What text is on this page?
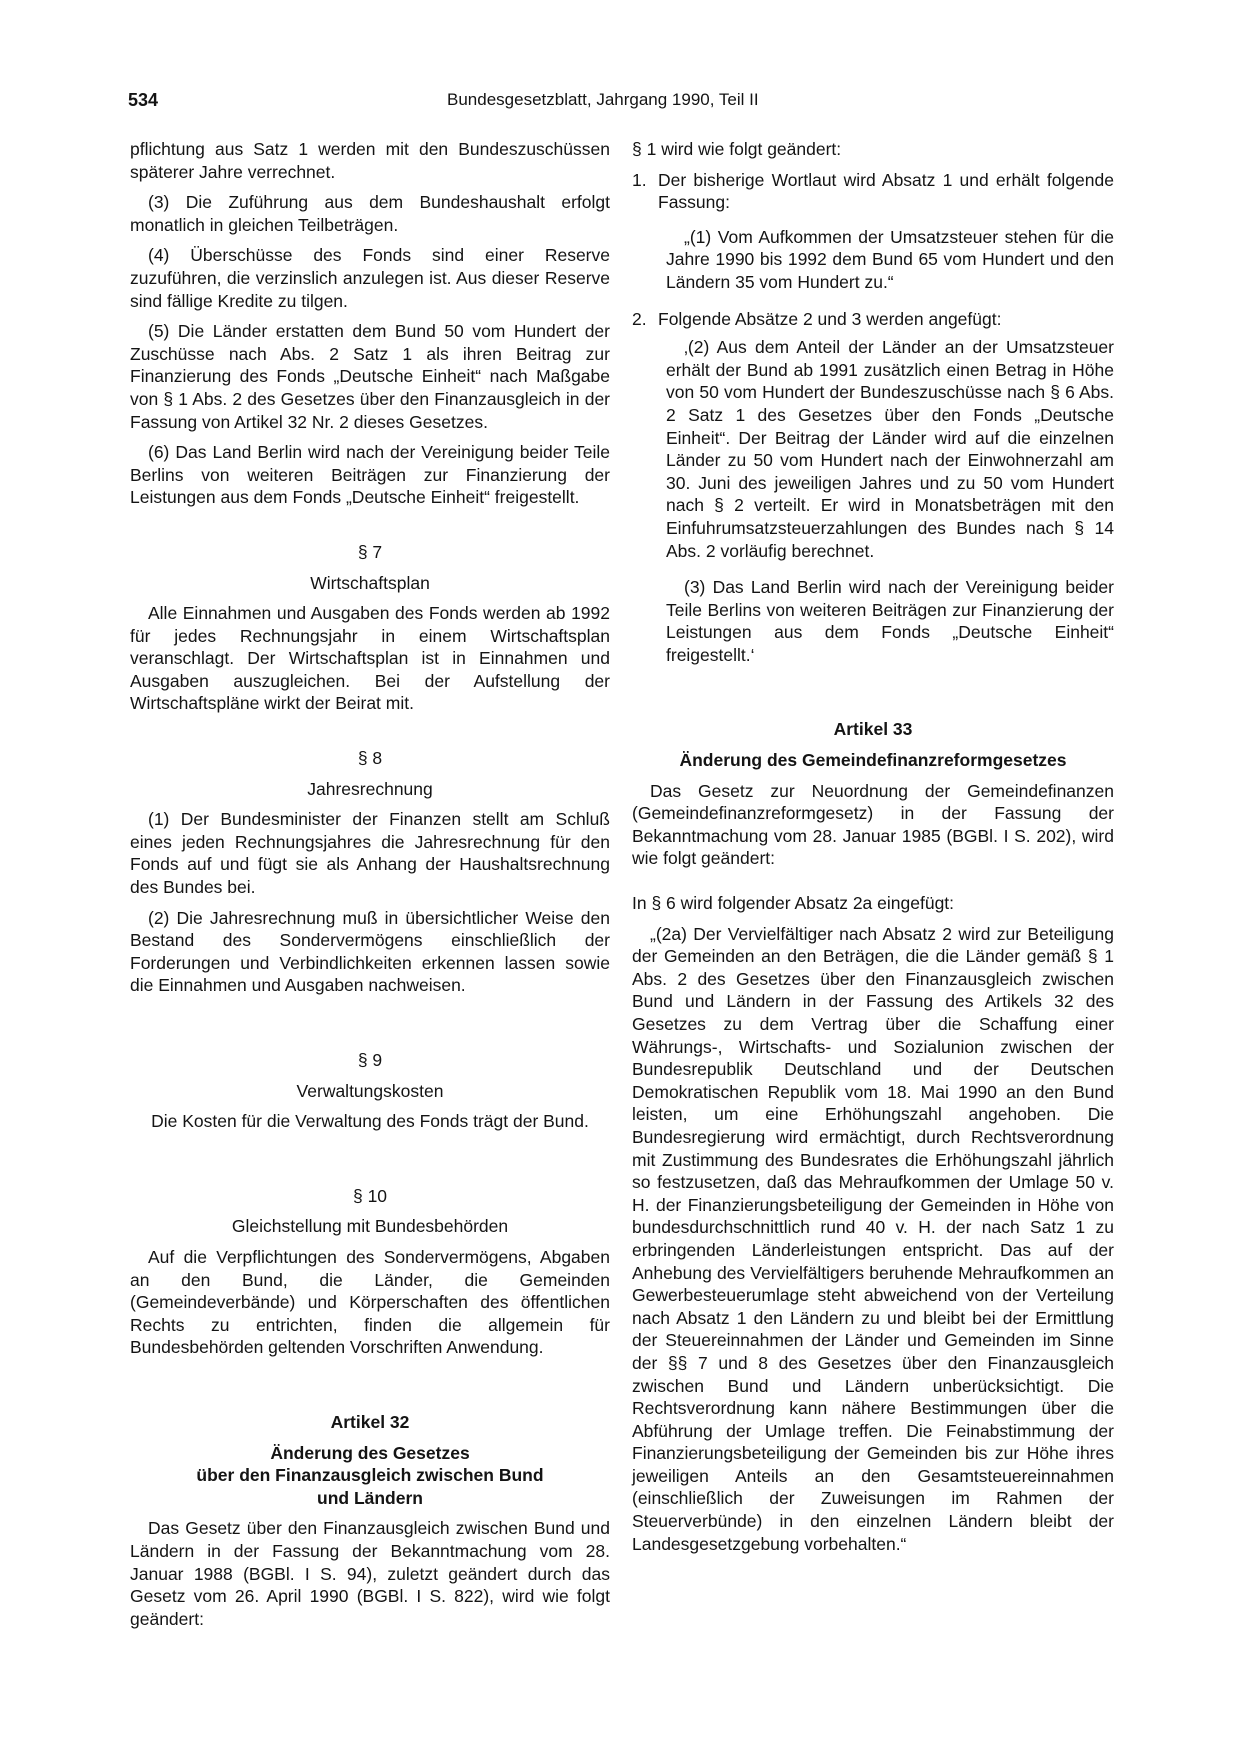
534	Bundesgesetzblatt, Jahrgang 1990, Teil II

pflichtung aus Satz 1 werden mit den Bundeszuschüssen späterer Jahre verrechnet.

(3) Die Zuführung aus dem Bundeshaushalt erfolgt monatlich in gleichen Teilbeträgen.

(4) Überschüsse des Fonds sind einer Reserve zuzuführen, die verzinslich anzulegen ist. Aus dieser Reserve sind fällige Kredite zu tilgen.

(5) Die Länder erstatten dem Bund 50 vom Hundert der Zuschüsse nach Abs. 2 Satz 1 als ihren Beitrag zur Finanzierung des Fonds „Deutsche Einheit“ nach Maßgabe von § 1 Abs. 2 des Gesetzes über den Finanzausgleich in der Fassung von Artikel 32 Nr. 2 dieses Gesetzes.

(6) Das Land Berlin wird nach der Vereinigung beider Teile Berlins von weiteren Beiträgen zur Finanzierung der Leistungen aus dem Fonds „Deutsche Einheit“ freigestellt.

§ 7

Wirtschaftsplan

Alle Einnahmen und Ausgaben des Fonds werden ab 1992 für jedes Rechnungsjahr in einem Wirtschaftsplan veranschlagt. Der Wirtschaftsplan ist in Einnahmen und Ausgaben auszugleichen. Bei der Aufstellung der Wirtschaftspläne wirkt der Beirat mit.

§ 8

Jahresrechnung

(1) Der Bundesminister der Finanzen stellt am Schluß eines jeden Rechnungsjahres die Jahresrechnung für den Fonds auf und fügt sie als Anhang der Haushaltsrechnung des Bundes bei.

(2) Die Jahresrechnung muß in übersichtlicher Weise den Bestand des Sondervermögens einschließlich der Forderungen und Verbindlichkeiten erkennen lassen sowie die Einnahmen und Ausgaben nachweisen.

§ 9

Verwaltungskosten

Die Kosten für die Verwaltung des Fonds trägt der Bund.

§ 10

Gleichstellung mit Bundesbehörden

Auf die Verpflichtungen des Sondervermögens, Abgaben an den Bund, die Länder, die Gemeinden (Gemeindeverbände) und Körperschaften des öffentlichen Rechts zu entrichten, finden die allgemein für Bundesbehörden geltenden Vorschriften Anwendung.

Artikel 32

Änderung des Gesetzes

über den Finanzausgleich zwischen Bund

und Ländern

Das Gesetz über den Finanzausgleich zwischen Bund und Ländern in der Fassung der Bekanntmachung vom 28. Januar 1988 (BGBl. I S. 94), zuletzt geändert durch das Gesetz vom 26. April 1990 (BGBl. I S. 822), wird wie folgt geändert:

§ 1 wird wie folgt geändert:

1. Der bisherige Wortlaut wird Absatz 1 und erhält folgende Fassung:

„(1) Vom Aufkommen der Umsatzsteuer stehen für die Jahre 1990 bis 1992 dem Bund 65 vom Hundert und den Ländern 35 vom Hundert zu.“

2. Folgende Absätze 2 und 3 werden angefügt:

‚(2) Aus dem Anteil der Länder an der Umsatzsteuer erhält der Bund ab 1991 zusätzlich einen Betrag in Höhe von 50 vom Hundert der Bundeszuschüsse nach § 6 Abs. 2 Satz 1 des Gesetzes über den Fonds „Deutsche Einheit“. Der Beitrag der Länder wird auf die einzelnen Länder zu 50 vom Hundert nach der Einwohnerzahl am 30. Juni des jeweiligen Jahres und zu 50 vom Hundert nach § 2 verteilt. Er wird in Monatsbeträgen mit den Einfuhrumsatzsteuerzahlungen des Bundes nach § 14 Abs. 2 vorläufig berechnet.

(3) Das Land Berlin wird nach der Vereinigung beider Teile Berlins von weiteren Beiträgen zur Finanzierung der Leistungen aus dem Fonds „Deutsche Einheit“ freigestellt.‘

Artikel 33

Änderung des Gemeindefinanzreformgesetzes

Das Gesetz zur Neuordnung der Gemeindefinanzen (Gemeindefinanzreformgesetz) in der Fassung der Bekanntmachung vom 28. Januar 1985 (BGBl. I S. 202), wird wie folgt geändert:

In § 6 wird folgender Absatz 2a eingefügt:

„(2a) Der Vervielfältiger nach Absatz 2 wird zur Beteiligung der Gemeinden an den Beträgen, die die Länder gemäß § 1 Abs. 2 des Gesetzes über den Finanzausgleich zwischen Bund und Ländern in der Fassung des Artikels 32 des Gesetzes zu dem Vertrag über die Schaffung einer Währungs-, Wirtschafts- und Sozialunion zwischen der Bundesrepublik Deutschland und der Deutschen Demokratischen Republik vom 18. Mai 1990 an den Bund leisten, um eine Erhöhungszahl angehoben. Die Bundesregierung wird ermächtigt, durch Rechtsverordnung mit Zustimmung des Bundesrates die Erhöhungszahl jährlich so festzusetzen, daß das Mehraufkommen der Umlage 50 v. H. der Finanzierungsbeteiligung der Gemeinden in Höhe von bundesdurchschnittlich rund 40 v. H. der nach Satz 1 zu erbringenden Länderleistungen entspricht. Das auf der Anhebung des Vervielfältigers beruhende Mehraufkommen an Gewerbesteuerumlage steht abweichend von der Verteilung nach Absatz 1 den Ländern zu und bleibt bei der Ermittlung der Steuereinnahmen der Länder und Gemeinden im Sinne der §§ 7 und 8 des Gesetzes über den Finanzausgleich zwischen Bund und Ländern unberücksichtigt. Die Rechtsverordnung kann nähere Bestimmungen über die Abführung der Umlage treffen. Die Feinabstimmung der Finanzierungsbeteiligung der Gemeinden bis zur Höhe ihres jeweiligen Anteils an den Gesamtsteuereinnahmen (einschließlich der Zuweisungen im Rahmen der Steuerverbünde) in den einzelnen Ländern bleibt der Landesgesetzgebung vorbehalten.“
